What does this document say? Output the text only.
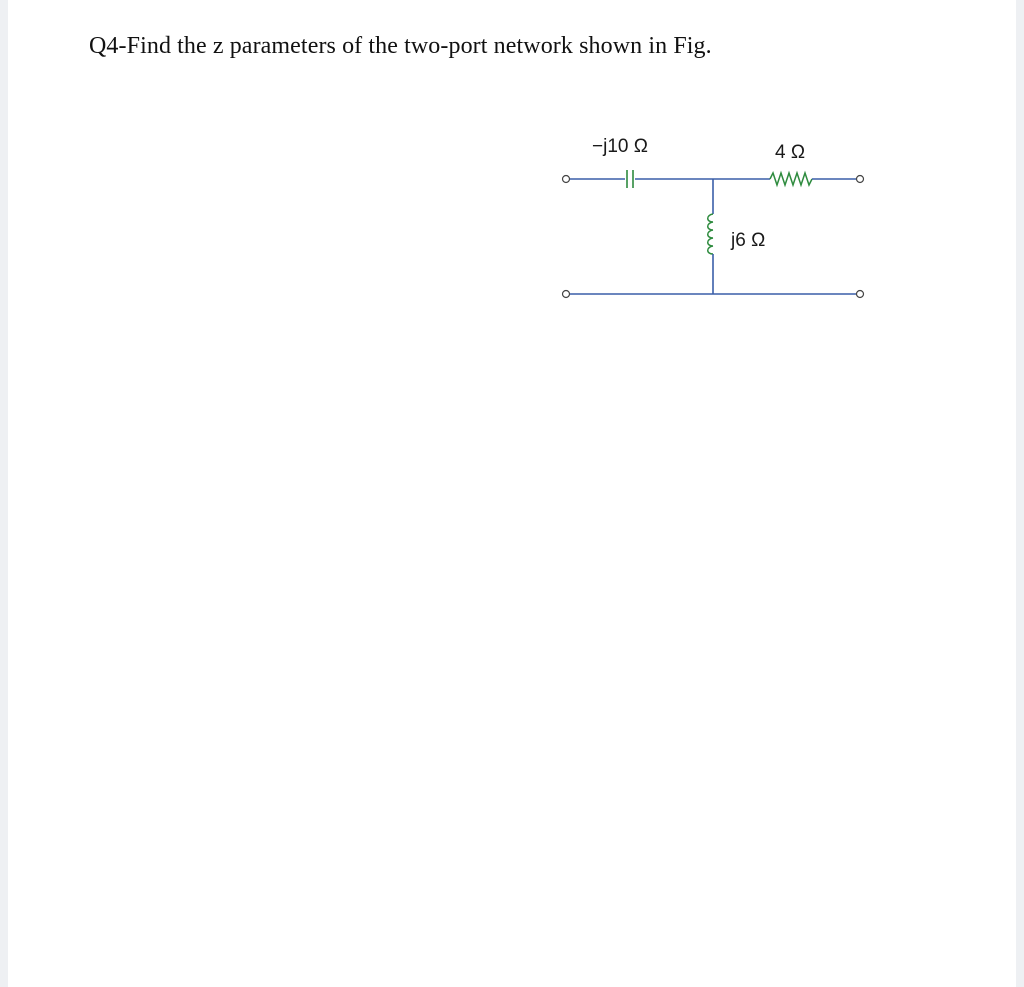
Q4-Find the z parameters of the two-port network shown in Fig.
−j10 Ω	4 Ω
j6 Ω
